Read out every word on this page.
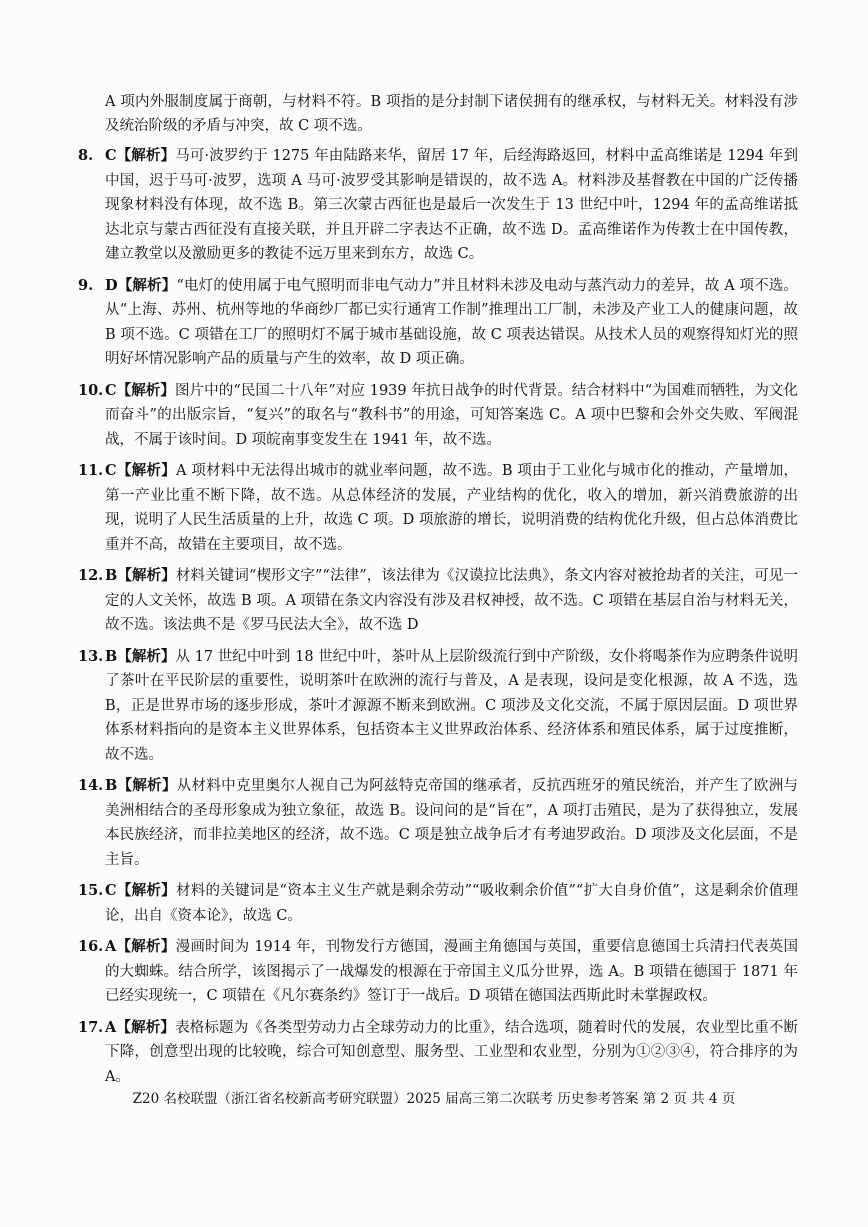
A 项内外服制度属于商朝，与材料不符。B 项指的是分封制下诸侯拥有的继承权，与材料无关。材料没有涉及统治阶级的矛盾与冲突，故 C 项不选。

8. C【解析】马可·波罗约于 1275 年由陆路来华，留居 17 年，后经海路返回，材料中孟高维诺是 1294 年到中国，迟于马可·波罗，选项 A 马可·波罗受其影响是错误的，故不选 A。材料涉及基督教在中国的广泛传播现象材料没有体现，故不选 B。第三次蒙古西征也是最后一次发生于 13 世纪中叶，1294 年的孟高维诺抵达北京与蒙古西征没有直接关联，并且开辟二字表达不正确，故不选 D。孟高维诺作为传教士在中国传教，建立教堂以及激励更多的教徒不远万里来到东方，故选 C。
9. D【解析】“电灯的使用属于电气照明而非电气动力”并且材料未涉及电动与蒸汽动力的差异，故 A 项不选。从“上海、苏州、杭州等地的华商纱厂都已实行通宵工作制”推理出工厂制，未涉及产业工人的健康问题，故 B 项不选。C 项错在工厂的照明灯不属于城市基础设施，故 C 项表达错误。从技术人员的观察得知灯光的照明好坏情况影响产品的质量与产生的效率，故 D 项正确。
10. C【解析】图片中的“民国二十八年”对应 1939 年抗日战争的时代背景。结合材料中“为国难而牺牲，为文化而奋斗”的出版宗旨，“复兴”的取名与“教科书”的用途，可知答案选 C。A 项中巴黎和会外交失败、军阀混战，不属于该时间。D 项皖南事变发生在 1941 年，故不选。
11. C【解析】A 项材料中无法得出城市的就业率问题，故不选。B 项由于工业化与城市化的推动，产量增加，第一产业比重不断下降，故不选。从总体经济的发展，产业结构的优化，收入的增加，新兴消费旅游的出现，说明了人民生活质量的上升，故选 C 项。D 项旅游的增长，说明消费的结构优化升级，但占总体消费比重并不高，故错在主要项目，故不选。
12. B【解析】材料关键词“楔形文字”“法律”，该法律为《汉谟拉比法典》，条文内容对被抢劫者的关注，可见一定的人文关怀，故选 B 项。A 项错在条文内容没有涉及君权神授，故不选。C 项错在基层自治与材料无关，故不选。该法典不是《罗马民法大全》，故不选 D
13. B【解析】从 17 世纪中叶到 18 世纪中叶，茶叶从上层阶级流行到中产阶级，女仆将喝茶作为应聘条件说明了茶叶在平民阶层的重要性，说明茶叶在欧洲的流行与普及，A 是表现，设问是变化根源，故 A 不选，选 B，正是世界市场的逐步形成，茶叶才源源不断来到欧洲。C 项涉及文化交流，不属于原因层面。D 项世界体系材料指向的是资本主义世界体系，包括资本主义世界政治体系、经济体系和殖民体系，属于过度推断，故不选。
14. B【解析】从材料中克里奥尔人视自己为阿兹特克帝国的继承者，反抗西班牙的殖民统治，并产生了欧洲与美洲相结合的圣母形象成为独立象征，故选 B。设问问的是“旨在”，A 项打击殖民，是为了获得独立，发展本民族经济，而非拉美地区的经济，故不选。C 项是独立战争后才有考迪罗政治。D 项涉及文化层面，不是主旨。
15. C【解析】材料的关键词是“资本主义生产就是剩余劳动”“吸收剩余价值”“扩大自身价值”，这是剩余价值理论，出自《资本论》，故选 C。
16. A【解析】漫画时间为 1914 年，刊物发行方德国，漫画主角德国与英国，重要信息德国士兵清扫代表英国的大蜘蛛。结合所学，该图揭示了一战爆发的根源在于帝国主义瓜分世界，选 A。B 项错在德国于 1871 年已经实现统一，C 项错在《凡尔赛条约》签订于一战后。D 项错在德国法西斯此时未掌握政权。
17. A【解析】表格标题为《各类型劳动力占全球劳动力的比重》，结合选项，随着时代的发展，农业型比重不断下降，创意型出现的比较晚，综合可知创意型、服务型、工业型和农业型，分别为①②③④，符合排序的为 A。
Z20 名校联盟（浙江省名校新高考研究联盟）2025 届高三第二次联考 历史参考答案 第 2 页 共 4 页
